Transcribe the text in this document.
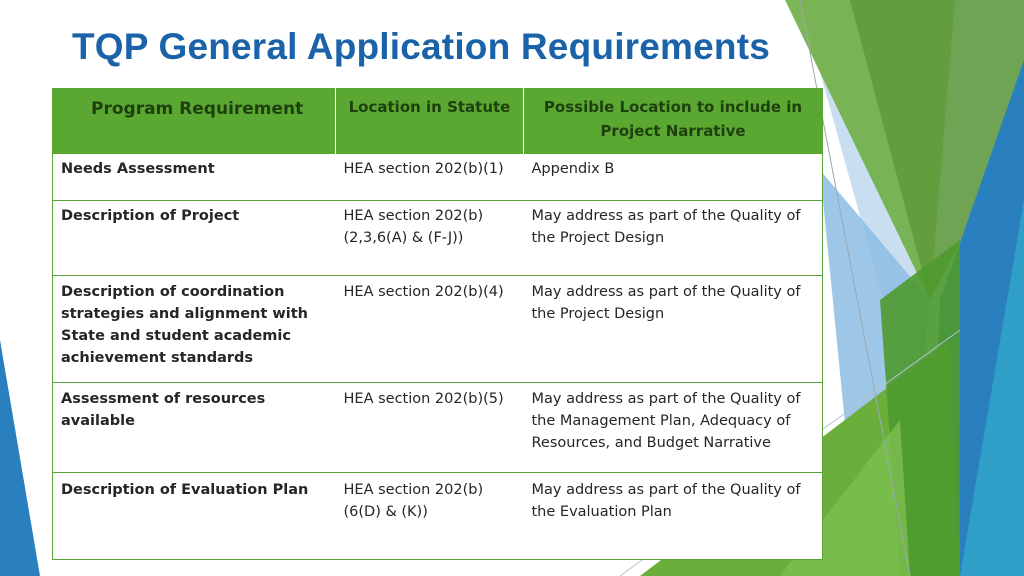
TQP General Application Requirements
Program Requirement	Location in Statute	Possible Location to include in Project Narrative
Needs Assessment	HEA section 202(b)(1)	Appendix B
Description of Project	HEA section 202(b)(2,3,6(A) & (F-J))	May address as part of the Quality of the Project Design
Description of coordination strategies and alignment with State and student academic achievement standards	HEA section 202(b)(4)	May address as part of the Quality of the Project Design
Assessment of resources available	HEA section 202(b)(5)	May address as part of the Quality of the Management Plan, Adequacy of Resources, and Budget Narrative
Description of Evaluation Plan	HEA section 202(b)(6(D) & (K))	May address as part of the Quality of the Evaluation Plan
